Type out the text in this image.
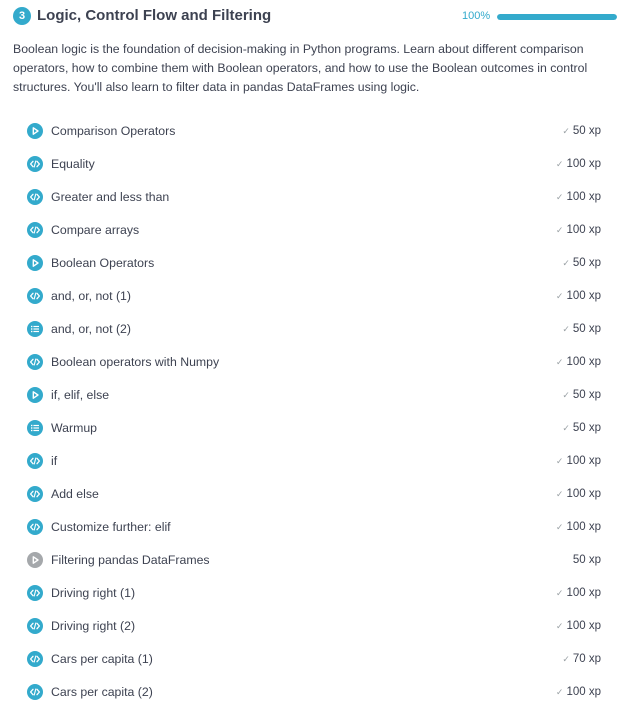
3 Logic, Control Flow and Filtering	100%
Boolean logic is the foundation of decision-making in Python programs. Learn about different comparison operators, how to combine them with Boolean operators, and how to use the Boolean outcomes in control structures. You'll also learn to filter data in pandas DataFrames using logic.
Comparison Operators	✓ 50 xp
Equality	✓ 100 xp
Greater and less than	✓ 100 xp
Compare arrays	✓ 100 xp
Boolean Operators	✓ 50 xp
and, or, not (1)	✓ 100 xp
and, or, not (2)	✓ 50 xp
Boolean operators with Numpy	✓ 100 xp
if, elif, else	✓ 50 xp
Warmup	✓ 50 xp
if	✓ 100 xp
Add else	✓ 100 xp
Customize further: elif	✓ 100 xp
Filtering pandas DataFrames	50 xp
Driving right (1)	✓ 100 xp
Driving right (2)	✓ 100 xp
Cars per capita (1)	✓ 70 xp
Cars per capita (2)	✓ 100 xp
